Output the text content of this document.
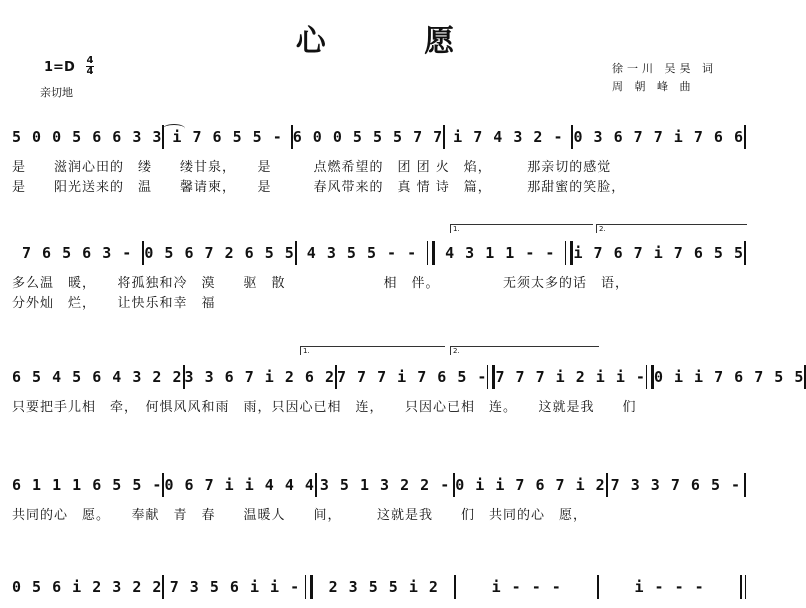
心 愿
1=D 4
4
亲切地
徐一川 吴昊 词
周 朝 峰 曲
5 0 0 5 6 6 3 3 i 7 6 5 5 - 6 0 0 5 5 5 7 7 i 7 4 3 2 - 0 3 6 7 7 i 7 6 6
是　　滋润心田的　缕　　缕甘泉，　　是　　　点燃希望的　团 团 火　焰，　　　那亲切的感觉
是　　阳光送来的　温　　馨请柬，　　是　　　春风带来的　真 情 诗　篇，　　　那甜蜜的笑脸，
1.	2.
7 6 5 6 3 - 0 5 6 7 2 6 5 5 4 3 5 5 - -	4 3 1 1 - -	i 7 6 7 i 7 6 5 5
多么温　暖，　　将孤独和冷　漠　　驱　散　　　　　　　相　伴。　　　　　无须太多的话　语，
分外灿　烂，　　让快乐和幸　福
1.	2.
6 5 4 5 6 4 3 2 2 3 3 6 7 i 2 6 2 7 7 7 i 7 6 5 - 7 7 7 i 2 i i - 0 i i 7 6 7 5 5
只要把手儿相　牵，　何惧风风和雨　雨，只因心已相　连，　　只因心已相　连。　　这就是我　　们
6 1 1 1 6 5 5 - 0 6 7 i i 4 4 4 3 5 1 3 2 2 - 0 i i 7 6 7 i 2 7 3 3 7 6 5 -
共同的心　愿。　　奉献　青　春　　温暖人　　间，　　　这就是我　　们　共同的心　愿，
0 5 6 i 2 3 2 2 7 3 5 6 i i -	2 3 5 5 i 2	i - - -	i - - -
